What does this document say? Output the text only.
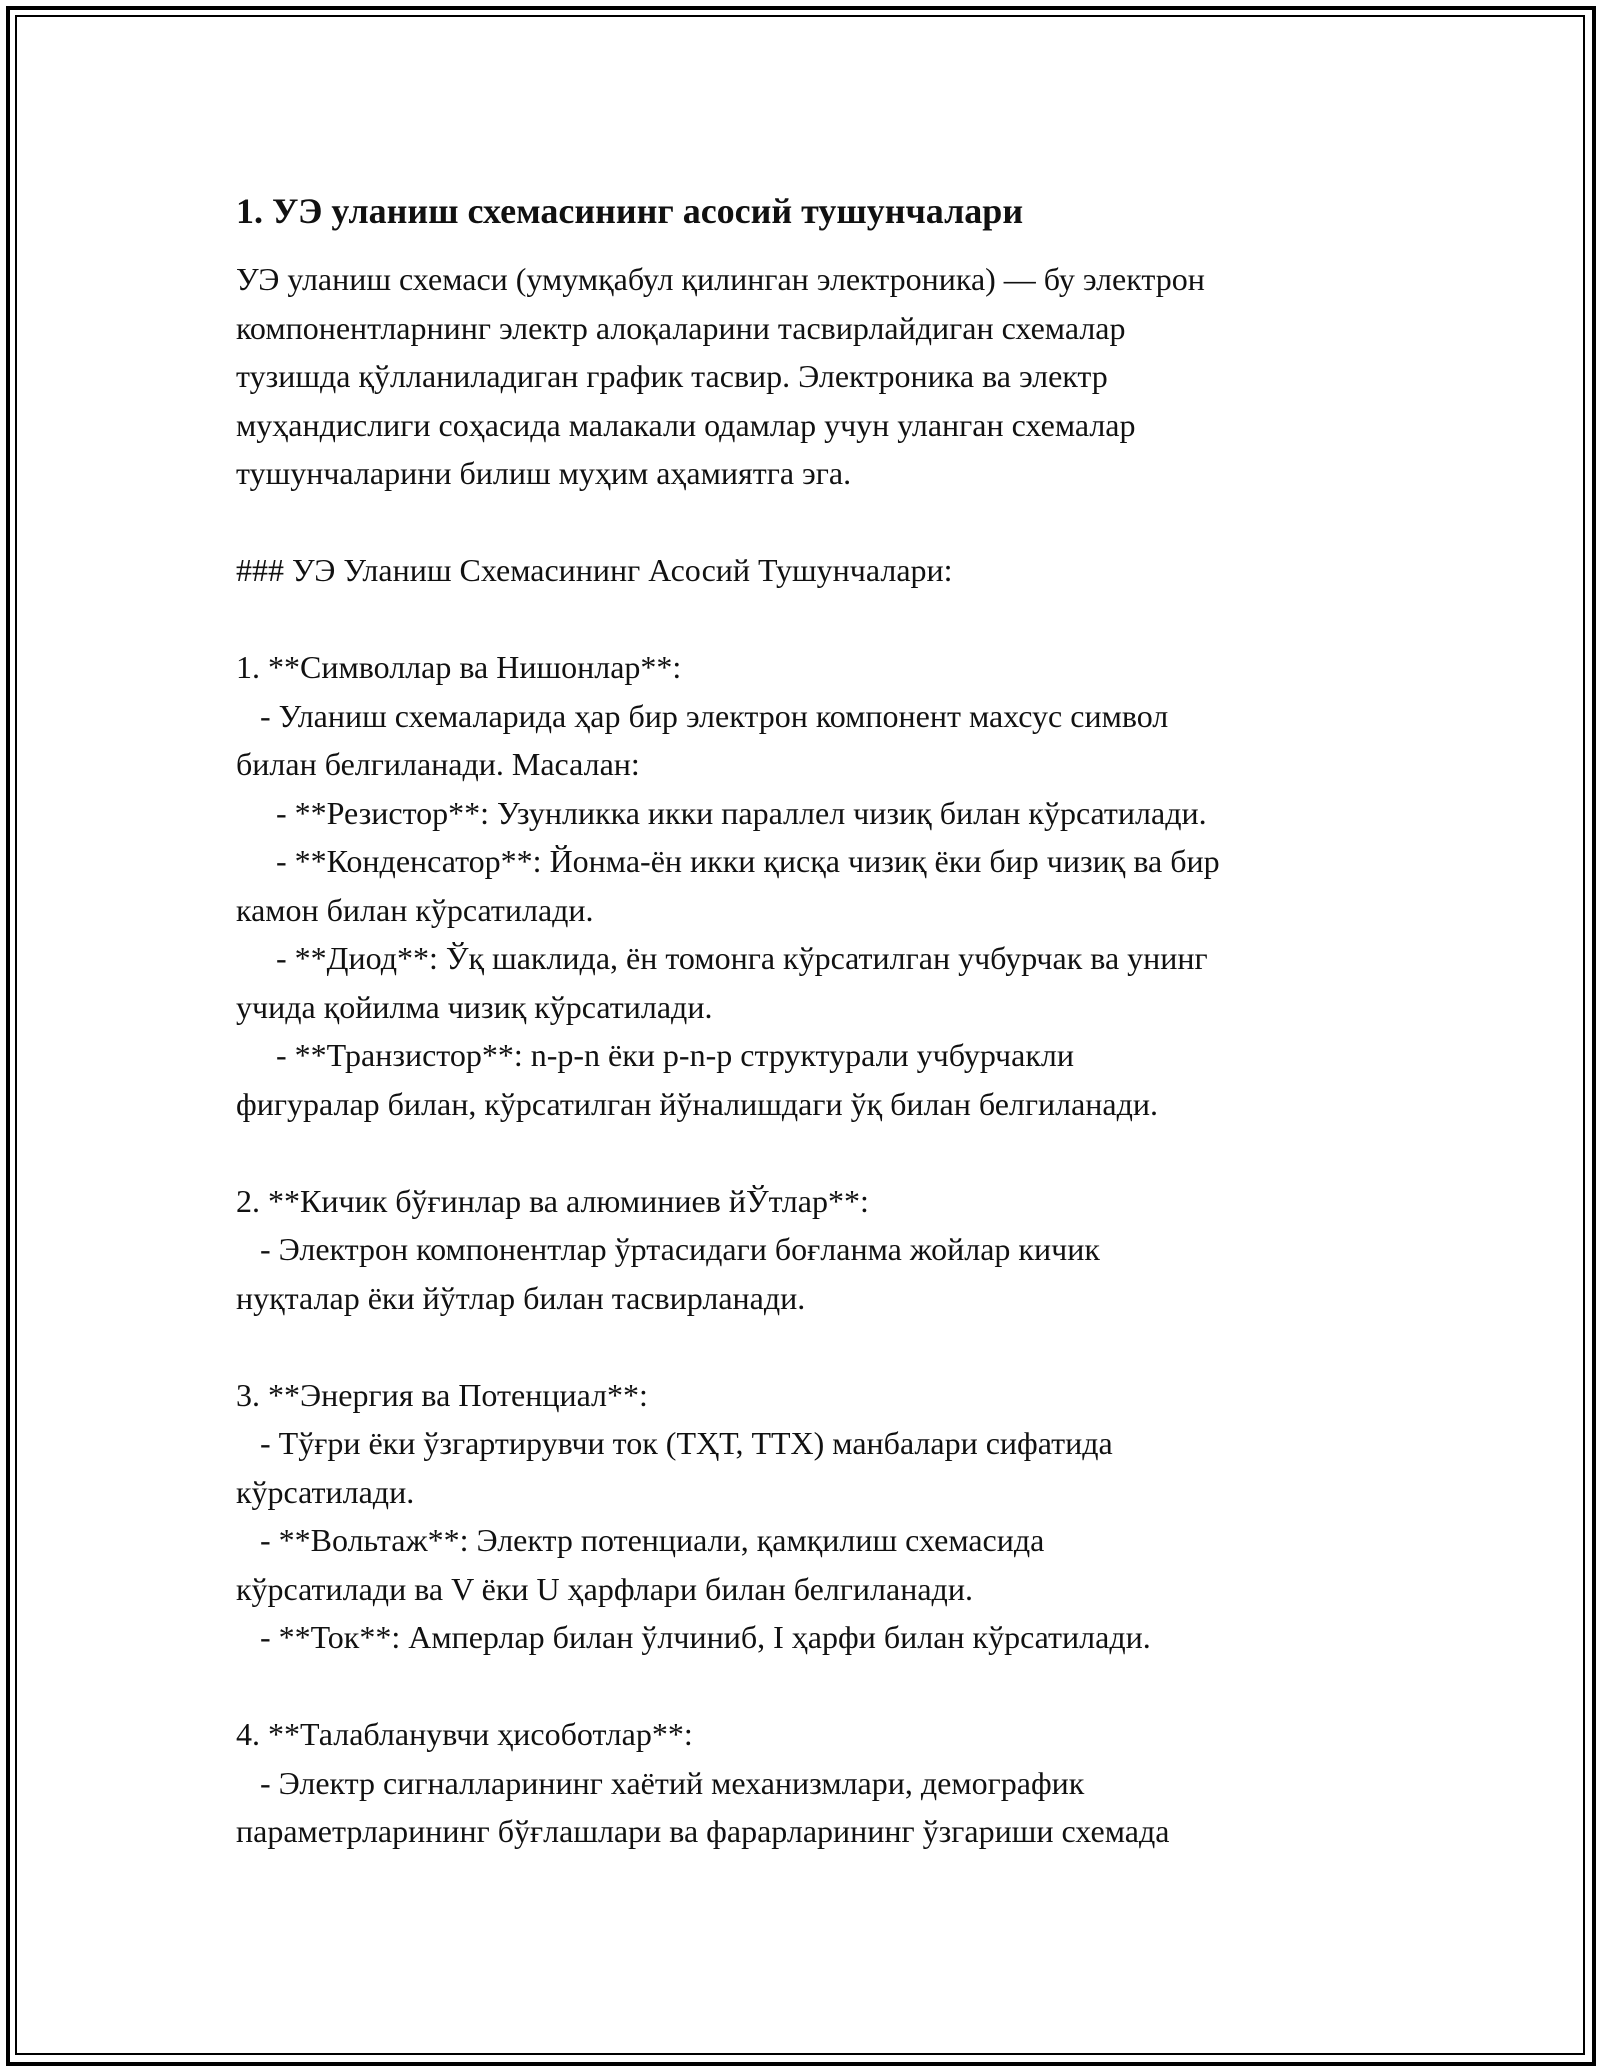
1. УЭ уланиш схемасининг асосий тушунчалари
УЭ уланиш схемаси (умумқабул қилинган электроника) — бу электрон
компонентларнинг электр алоқаларини тасвирлайдиган схемалар
тузишда қўлланиладиган график тасвир. Электроника ва электр
муҳандислиги соҳасида малакали одамлар учун уланган схемалар
тушунчаларини билиш муҳим аҳамиятга эга.
### УЭ Уланиш Схемасининг Асосий Тушунчалари:
1. **Символлар ва Нишонлар**:
- Уланиш схемаларида ҳар бир электрон компонент махсус символ
билан белгиланади. Масалан:
- **Резистор**: Узунликка икки параллел чизиқ билан кўрсатилади.
- **Конденсатор**: Йонма-ён икки қисқа чизиқ ёки бир чизиқ ва бир
камон билан кўрсатилади.
- **Диод**: Ўқ шаклида, ён томонга кўрсатилган учбурчак ва унинг
учида қойилма чизиқ кўрсатилади.
- **Транзистор**: n-p-n ёки p-n-p структурали учбурчакли
фигуралар билан, кўрсатилган йўналишдаги ўқ билан белгиланади.
2. **Кичик бўғинлар ва алюминиев йЎтлар**:
- Электрон компонентлар ўртасидаги боғланма жойлар кичик
нуқталар ёки йўтлар билан тасвирланади.
3. **Энергия ва Потенциал**:
- Тўғри ёки ўзгартирувчи ток (ТҲТ, ТТХ) манбалари сифатида
кўрсатилади.
- **Вольтаж**: Электр потенциали, қамқилиш схемасида
кўрсатилади ва V ёки U ҳарфлари билан белгиланади.
- **Ток**: Амперлар билан ўлчиниб, I ҳарфи билан кўрсатилади.
4. **Талабланувчи ҳисоботлар**:
- Электр сигналларининг хаётий механизмлари, демографик
параметрларининг бўғлашлари ва фарарларининг ўзгариши схемада
